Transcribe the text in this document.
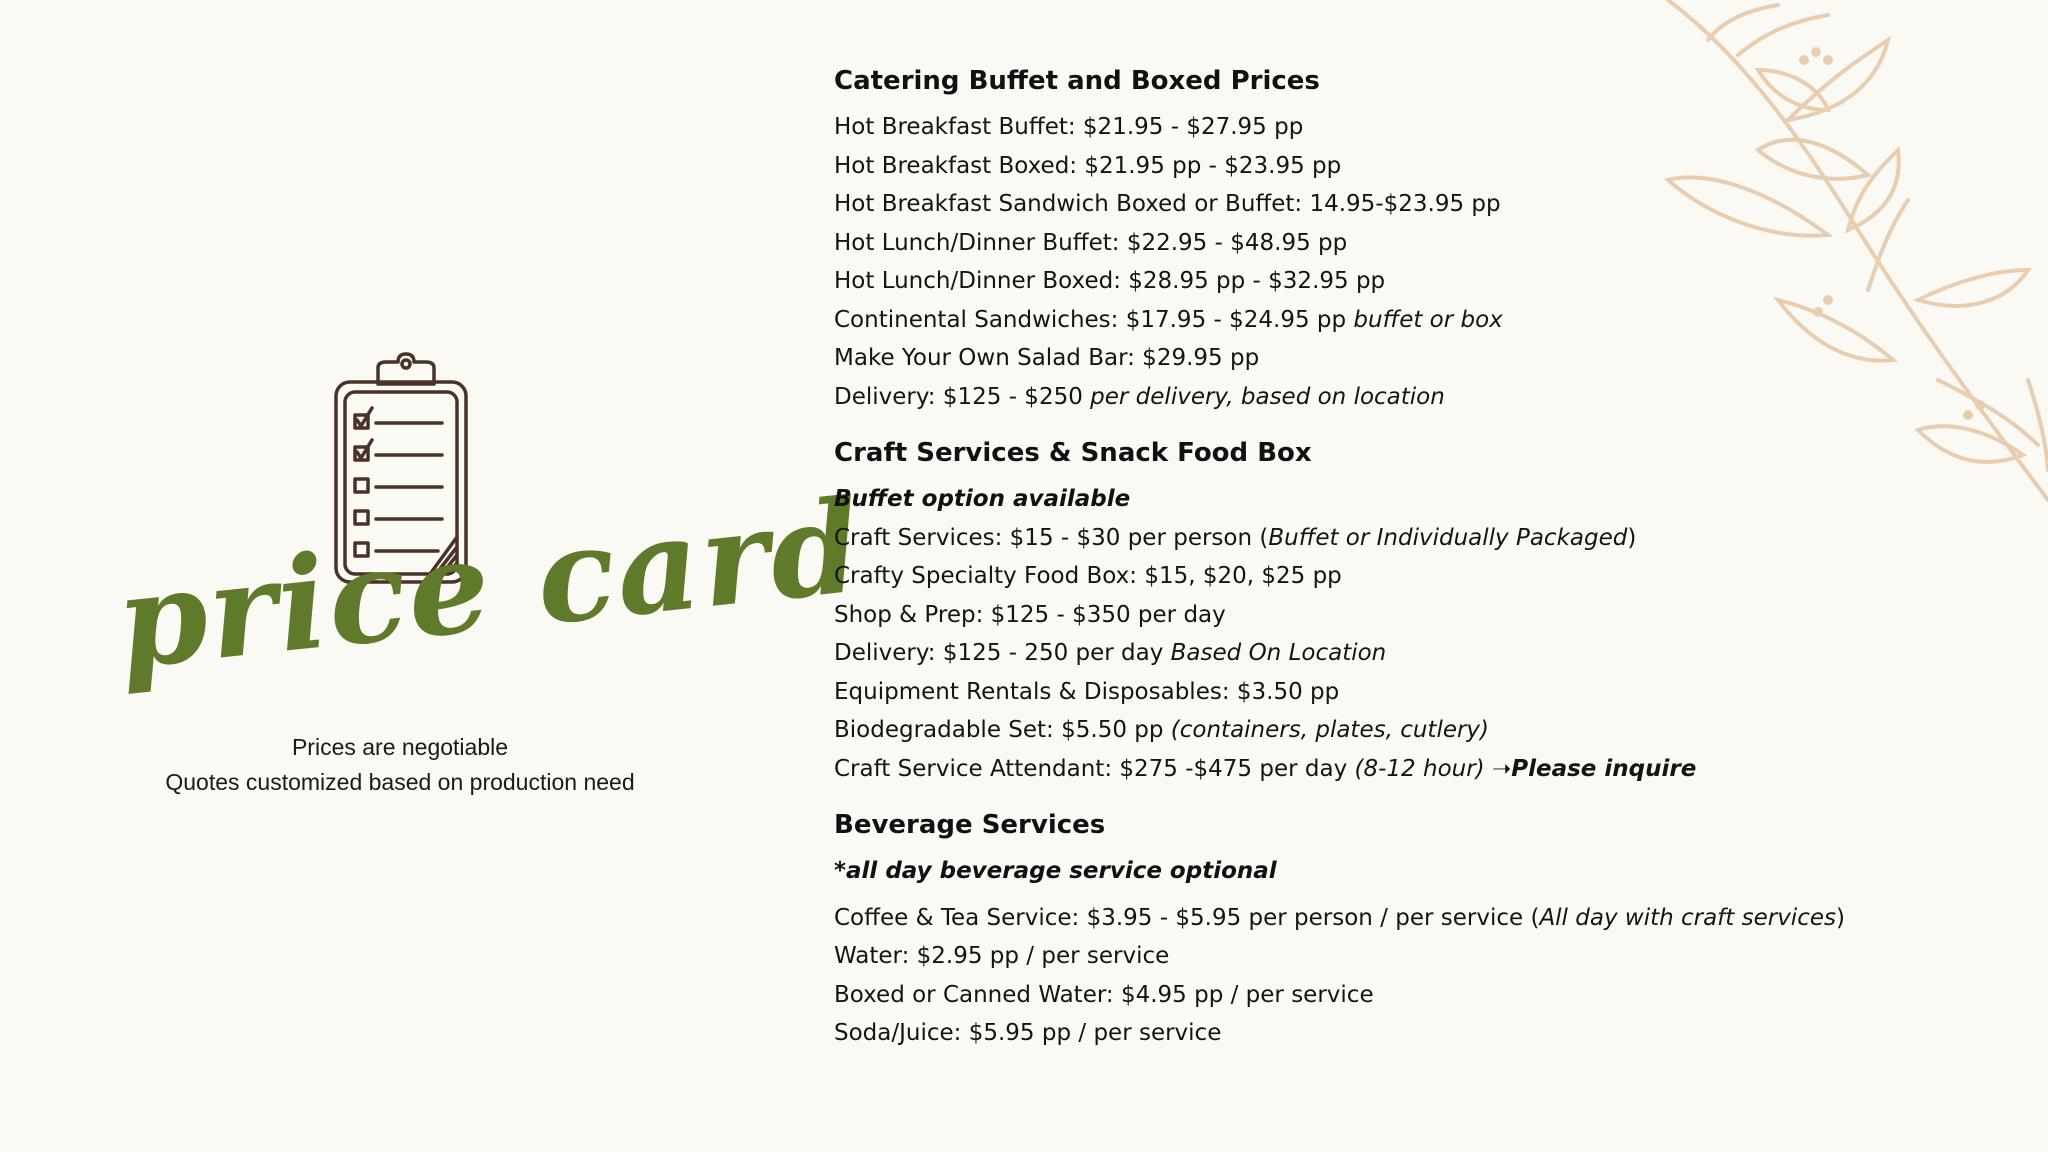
price card
Prices are negotiable
Quotes customized based on production need
Catering Buffet and Boxed Prices
Hot Breakfast Buffet: $21.95 - $27.95 pp
Hot Breakfast Boxed: $21.95 pp - $23.95 pp
Hot Breakfast Sandwich Boxed or Buffet: 14.95-$23.95 pp
Hot Lunch/Dinner Buffet: $22.95 - $48.95 pp
Hot Lunch/Dinner Boxed: $28.95 pp - $32.95 pp
Continental Sandwiches: $17.95 - $24.95 pp buffet or box
Make Your Own Salad Bar: $29.95 pp
Delivery: $125 - $250 per delivery, based on location
Craft Services & Snack Food Box
Buffet option available
Craft Services: $15 - $30 per person (Buffet or Individually Packaged)
Crafty Specialty Food Box: $15, $20, $25 pp
Shop & Prep: $125 - $350 per day
Delivery: $125 - 250 per day Based On Location
Equipment Rentals & Disposables: $3.50 pp
Biodegradable Set: $5.50 pp (containers, plates, cutlery)
Craft Service Attendant: $275 -$475 per day (8-12 hour) ➝Please inquire
Beverage Services
*all day beverage service optional
Coffee & Tea Service: $3.95 - $5.95 per person / per service (All day with craft services)
Water: $2.95 pp / per service
Boxed or Canned Water: $4.95 pp / per service
Soda/Juice: $5.95 pp / per service
